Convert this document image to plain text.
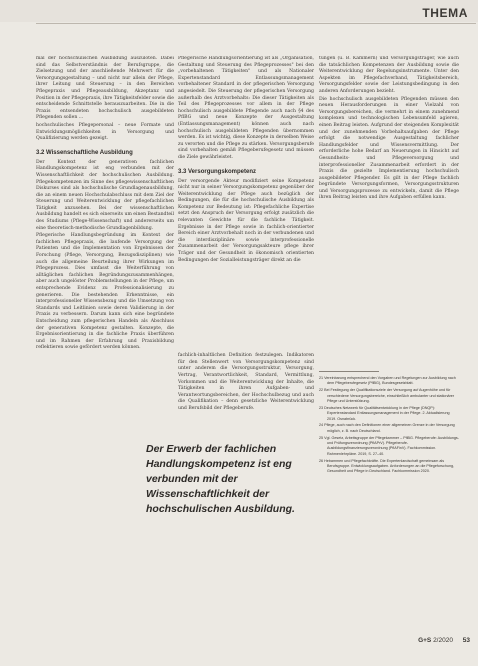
THEMA

mal der hochschulischen Ausbildung auszuloten. Dabei sind das Selbstverständnis der Berufsgruppe, die Zielsetzung und der anschließende Mehrwert für die Versorgungsgestaltung – und nicht nur allein der Pflege, ihrer Leitung und Steuerung – in den Bereichen Pflegepraxis und Pflegeausbildung, Akzeptanz und Position in der Pflegepraxis, ihre Tätigkeitsfelder sowie die entscheidende Schnittstelle herauszuarbeiten. Die in die Praxis entsendeten hochschulisch ausgebildeten Pflegenden sollen ...

hochschulisches Pflegepersonal – neue Formate und Entwicklungsmöglichkeiten in Versorgung und Qualifizierung werden gezeigt.

3.2 Wissenschaftliche Ausbildung

Der Kontext der generativen fachlichen Handlungskompetenz ist eng verbunden mit der Wissenschaftlichkeit der hochschulischen Ausbildung. Pflegekompetenzen im Sinne des pflegewissenschaftlichen Diskurses sind als hochschulische Grundlagenausbildung, die an einem neuen Hochschulabschluss mit dem Ziel der Steuerung und Weiterentwicklung der pflegefachlichen Tätigkeit anzusehen. Bei der wissenschaftlichen Ausbildung handelt es sich einerseits um einen Bestandteil des Studiums (Pflege-Wissenschaft) und andererseits um eine theoretisch-methodische Grundlagenbildung.

Pflegerische Handlungsbegründung im Kontext der fachlichen Pflegepraxis, die laufende Versorgung der Patienten und die Implementation von Ergebnissen der Forschung (Pflege, Versorgung, Bezugsdisziplinen) wie auch die allgemeine Beurteilung ihrer Wirkungen im Pflegeprozess. Dies umfasst die Weiterführung von alltäglichen fachlichen Begründungszusammenhängen, aber auch ungelöster Problemstellungen in der Pflege, um entsprechende Evidenz zu Professionalisierung zu generieren. Die bestehenden Erkenntnisse, ein interprofessioneller Wissensbezug und die Umsetzung von Standards und Leitlinien sowie deren Validierung in der Praxis zu verbessern. Darum kann sich eine begründete Entscheidung zum pflegerischen Handeln als Abschluss der generativen Kompetenz gestalten. Konzepte, die Ergebnisorientierung in die fachliche Praxis überführen und im Rahmen der Erfahrung und Praxisbildung reflektieren sowie gefördert werden können.

Pflegerische Handlungsorientierung ist als „Organisation, Gestaltung und Steuerung des Pflegeprozesses" bei den „vorbehaltenen Tätigkeiten" und als Nationaler Expertenstandard Entlassungsmanagement vorbehaltener Standard in der pflegerischen Versorgung angesiedelt. Die Steuerung der pflegerischen Versorgung außerhalb des Arztvorbehalts: Die dieser Tätigkeiten als Teil des Pflegeprozesses vor allem in der Pflege hochschulisch ausgebildete Pflegende auch nach §4 des PflBG und neue Konzepte der Ausgestaltung (Entlassungsmanagement) können auch nach hochschulisch ausgebildeten Pflegenden übernommen werden. Es ist wichtig, diese Konzepte in derselben Weise zu verorten und die Pflege zu stärken. Versorgungsberufe sind vorbehalten gemäß Pflegeberufegesetz und müssen die Ziele gewährleistet.

3.3 Versorgungskompetenz

Der versorgende Akteur modifiziert seine Kompetenz nicht nur in seiner Versorgungskompetenz gegenüber der Weiterentwicklung der Pflege auch bezüglich der Bedingungen, die für die hochschulische Ausbildung als Kompetenz zur Bedeutung ist: Pflegefachliche Expertise setzt den Anspruch der Versorgung erfolgt zusätzlich die relevanten Gewichte für die fachliche Tätigkeit. Ergebnisse in der Pflege sowie in fachlich-orientierter Bereich einer Arztvorbehalt noch in der verbundenen und die interdisziplinäre sowie interprofessionelle Zusammenarbeit der Versorgungsakteure pflege ihrer Träger und der Gesundheit in ökonomisch orientierten Bedingungen der Sozialleistungsträger direkt an die

fachlich-inhaltlichen Definition festzulegen. Indikatoren für den Stellenwert von Versorgungskompetenz sind unter anderem die Versorgungsstruktur, Versorgung, Vertrag, Verantwortlichkeit, Standard, Vermittlung, Vorkommen und die Weiterentwicklung der Inhalte, die Tätigkeiten in ihren Aufgaben- und Verantwortungsbereichen, der Hochschulbezug und auch die Qualifikation – denn gesetzliche Weiterentwicklung und Berufsbild der Pflegeberufe.

tungen (u. B. Kammern) und Versorgungsträger, wie auch die tatsächlichen Kompetenzen der Ausbildung sowie die Weiterentwicklung der Regelungsinstrumente. Unter den Aspekten im Pflegefachverband, Tätigkeitsbereich, Versorgungsfelder sowie der Leistungsbedingung in den anderen Anforderungen bezieht.

Die hochschulisch ausgebildeten Pflegenden müssen den neuen Herausforderungen in einer Vielzahl von Versorgungsbereichen, die vermehrt in einem zunehmend komplexen und technologischen Lebensumfeld agieren, einen Beitrag leisten. Aufgrund der steigenden Komplexität und der zunehmenden Vorbehaltsaufgaben der Pflege erfolgt die notwendige Ausgestaltung fachlicher Handlungsfelder und Wissensvermittlung. Der erforderliche hohe Bedarf an Neuerungen in Hinsicht auf Gesundheits- und Pflegeversorgung und interprofessioneller Zusammenarbeit erfordert in der Praxis die gezielte Implementierung hochschulisch ausgebildeter Pflegender. Es gilt in der Pflege fachlich begründete Versorgungsformen, Versorgungsstrukturen und Versorgungsprozesse zu entwickeln, damit die Pflege ihren Beitrag leisten und ihre Aufgaben erfüllen kann.

Der Erwerb der fachlichen Handlungskompetenz ist eng verbunden mit der Wissenschaftlichkeit der hochschulischen Ausbildung.

21 Vereinbarung entsprechend den Vorgaben und Regelungen zur Ausbildung nach dem Pflegeberufegesetz (PflBG), Bundesgesetzblatt.

22 Bei Festlegung der Qualifikationsziele der Versorgung auf Augenhöhe und für verschiedene Versorgungsbereiche, einschließlich ambulanter und stationärer Pflege und Unterstützung.

23 Deutsches Netzwerk für Qualitätsentwicklung in der Pflege (DNQP): Expertenstandard Entlassungsmanagement in der Pflege. 2. Aktualisierung 2019. Osnabrück.

24 Pflege, auch nach den Definitionen einer allgemeinen Grenze in der Versorgung möglich, z. B. nach Deutschland.

25 Vgl. Gesetz, Arbeitsgruppe der Pflegekammer – PflBG. Pflegeberufe: Ausbildungs- und Prüfungsverordnung (PflAPrV). Pflegeberufe-Ausbildungsfinanzierungsverordnung (PflAFinV). Fachkommission. Rahmenlehrpläne. 2019, S. 27–40.

26 Hebammen und Pflegefachkräfte. Die Expertenlandschaft gemeinsam als Berufsgruppe. Entwicklungsaufgaben. Anforderungen an die Pflegeforschung, Gesundheit und Pflege in Deutschland. Fachkommission 2020.

G+S 2/2020 53
